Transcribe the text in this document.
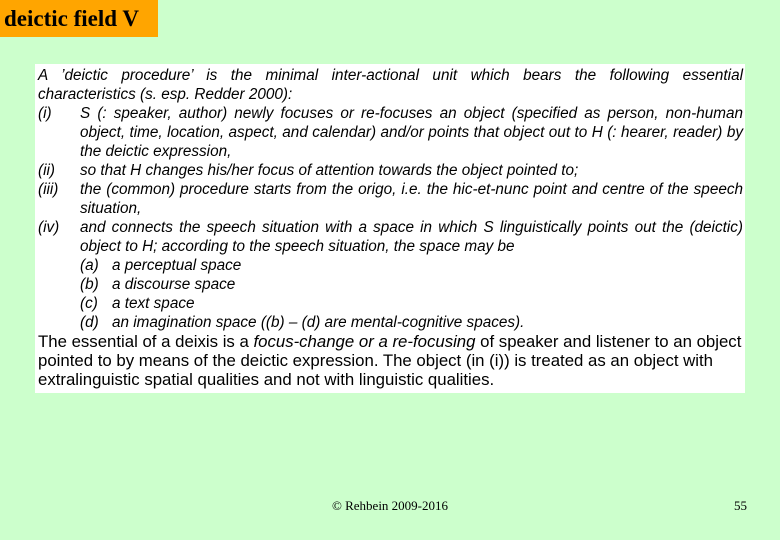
deictic field V
A ’deictic procedure’ is the minimal inter-actional unit which bears the following essential
characteristics (s. esp. Redder 2000):
(i)	S (: speaker, author) newly focuses or re-focuses an object (specified as person, non-human object, time, location, aspect, and calendar) and/or points that object out to H (: hearer, reader) by the deictic expression,
(ii)	so that H changes his/her focus of attention towards the object pointed to;
(iii)	the (common) procedure starts from the origo, i.e. the hic-et-nunc point and centre of the speech situation,
(iv)	and connects the speech situation with a space in which S linguistically points out the (deictic) object to H; according to the speech situation, the space may be
(a) a perceptual space
(b) a discourse space
(c) a text space
(d) an imagination space ((b) – (d) are mental-cognitive spaces).
The essential of a deixis is a focus-change or a re-focusing of speaker and listener to an object pointed to by means of the deictic expression. The object (in (i)) is treated as an object with extralinguistic spatial qualities and not with linguistic qualities.
© Rehbein 2009-2016	55
